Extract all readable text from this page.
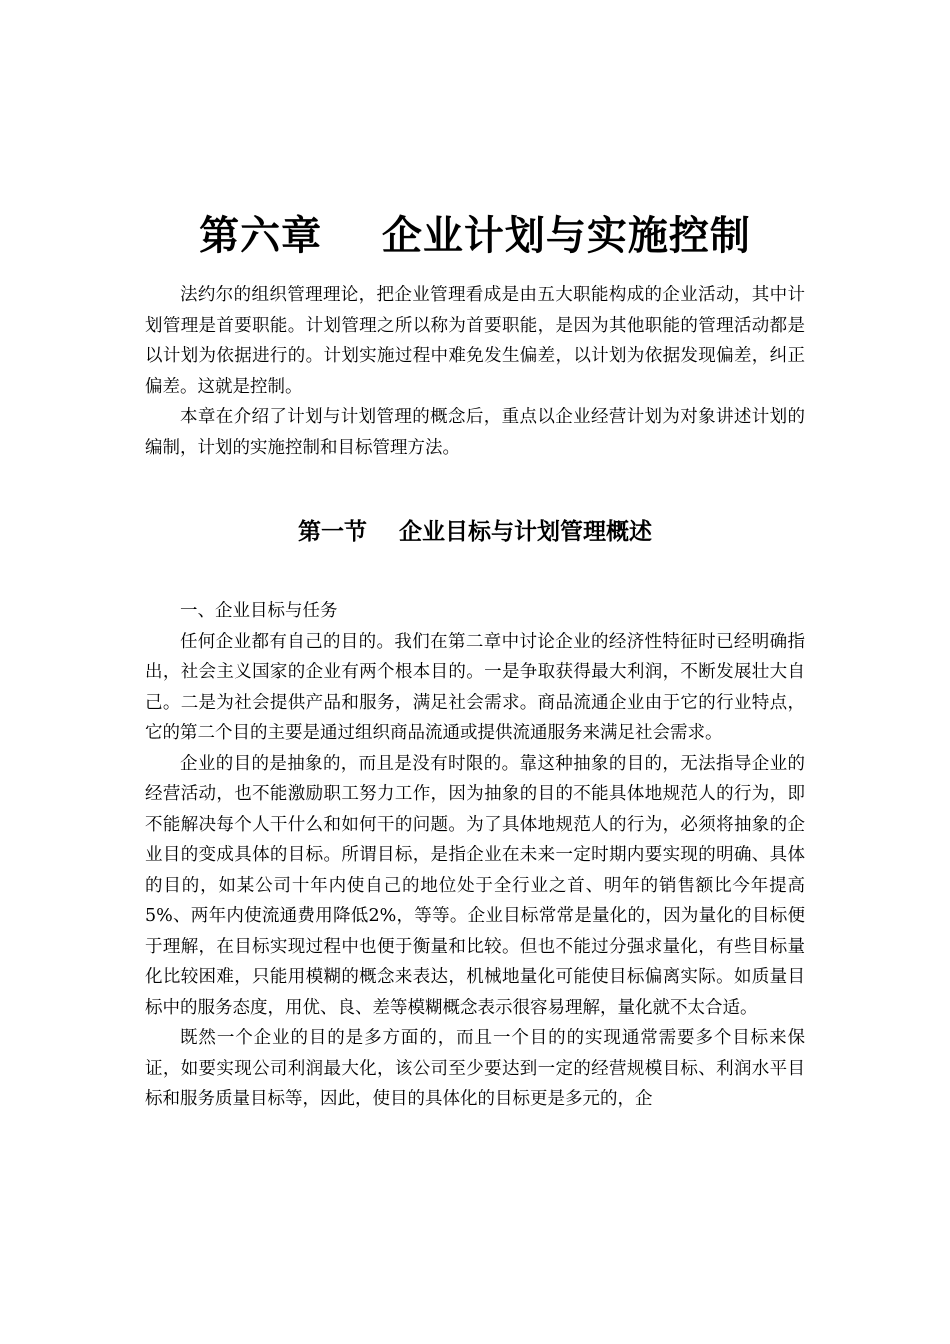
第六章    企业计划与实施控制

法约尔的组织管理理论，把企业管理看成是由五大职能构成的企业活动，其中计划管理是首要职能。计划管理之所以称为首要职能，是因为其他职能的管理活动都是以计划为依据进行的。计划实施过程中难免发生偏差，以计划为依据发现偏差，纠正偏差。这就是控制。

本章在介绍了计划与计划管理的概念后，重点以企业经营计划为对象讲述计划的编制，计划的实施控制和目标管理方法。

第一节    企业目标与计划管理概述

一、企业目标与任务

任何企业都有自己的目的。我们在第二章中讨论企业的经济性特征时已经明确指出，社会主义国家的企业有两个根本目的。一是争取获得最大利润，不断发展壮大自己。二是为社会提供产品和服务，满足社会需求。商品流通企业由于它的行业特点，它的第二个目的主要是通过组织商品流通或提供流通服务来满足社会需求。

企业的目的是抽象的，而且是没有时限的。靠这种抽象的目的，无法指导企业的经营活动，也不能激励职工努力工作，因为抽象的目的不能具体地规范人的行为，即不能解决每个人干什么和如何干的问题。为了具体地规范人的行为，必须将抽象的企业目的变成具体的目标。所谓目标，是指企业在未来一定时期内要实现的明确、具体的目的，如某公司十年内使自己的地位处于全行业之首、明年的销售额比今年提高5%、两年内使流通费用降低2%，等等。企业目标常常是量化的，因为量化的目标便于理解，在目标实现过程中也便于衡量和比较。但也不能过分强求量化，有些目标量化比较困难，只能用模糊的概念来表达，机械地量化可能使目标偏离实际。如质量目标中的服务态度，用优、良、差等模糊概念表示很容易理解，量化就不太合适。

既然一个企业的目的是多方面的，而且一个目的的实现通常需要多个目标来保证，如要实现公司利润最大化，该公司至少要达到一定的经营规模目标、利润水平目标和服务质量目标等，因此，使目的具体化的目标更是多元的，企
